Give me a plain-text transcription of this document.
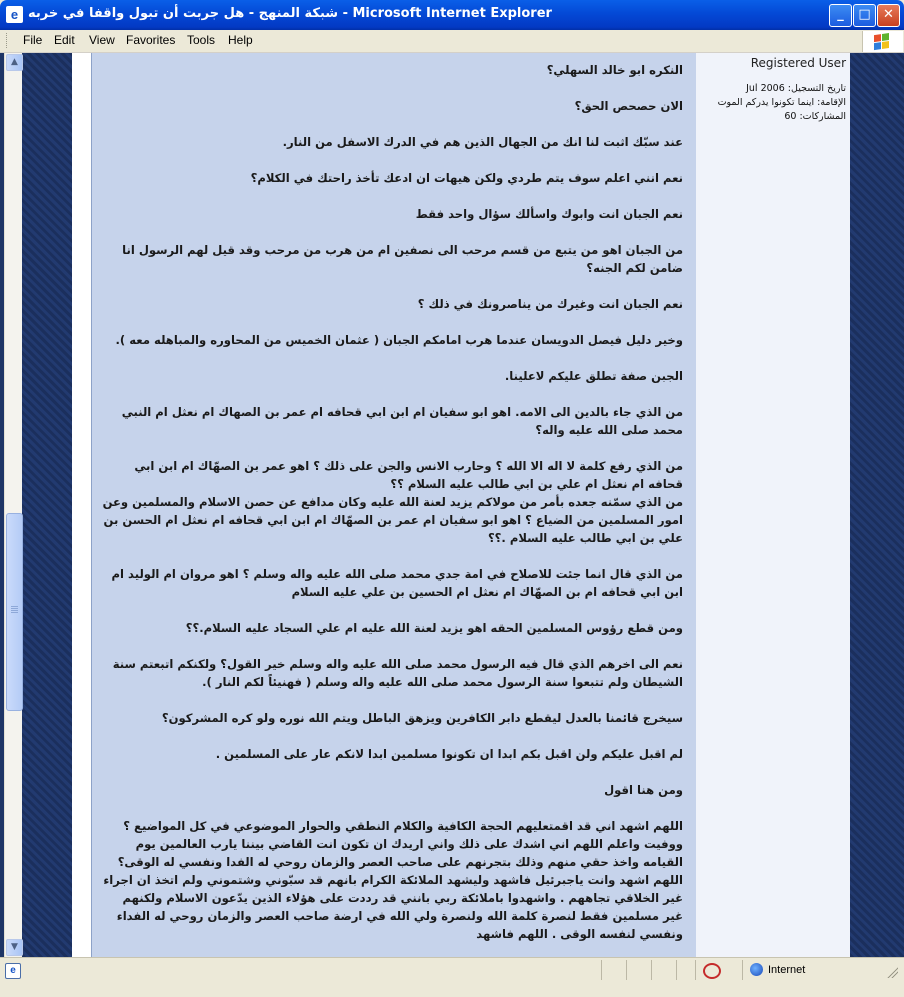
e شبكة المنهج - هل جربت أن تبول واقفا في خربه - Microsoft Internet Explorer	_	□ ✕
File Edit View Favorites Tools Help

النكره ابو خالد السهلي؟

الان حصحص الحق؟

عند سبّك اثبت لنا انك من الجهال الذين هم في الدرك الاسفل من النار.

نعم انني اعلم سوف يتم طردي ولكن هيهات ان ادعك تأخذ راحتك في الكلام؟

نعم الجبان انت وابوك واسألك سؤال واحد فقط

من الجبان اهو من يتبع من قسم مرحب الى نصفين ام من هرب من مرحب وقد قيل لهم الرسول انا ضامن لكم الجنه؟

نعم الجبان انت وغيرك من يناصرونك في ذلك ؟

وخير دليل فيصل الدويسان عندما هرب امامكم الجبان ( عثمان الخميس من المحاوره والمباهله معه ).

الجبن صفة تطلق عليكم لاعلينا.

من الذي جاء بالدين الى الامه. اهو ابو سفيان ام ابن ابي قحافه ام عمر بن الصهاك ام نعثل ام النبي محمد صلى الله عليه واله؟

من الذي رفع كلمة لا اله الا الله ؟ وحارب الانس والجن على ذلك ؟ اهو عمر بن الصهّاك ام ابن ابي قحافه ام نعثل ام علي بن ابي طالب عليه السلام ؟؟

من الذي سمّنه جعده بأمر من مولاكم يزيد لعنة الله عليه وكان مدافع عن حصن الاسلام والمسلمين وعن امور المسلمين من الضياع ؟ اهو ابو سفيان ام عمر بن الصهّاك ام ابن ابي قحافه ام نعثل ام الحسن بن علي بن ابي طالب عليه السلام .؟؟

من الذي قال انما جئت للاصلاح في امة جدي محمد صلى الله عليه واله وسلم ؟ اهو مروان ام الوليد ام ابن ابي قحافه ام بن الصهّاك ام نعثل ام الحسين بن علي عليه السلام

ومن قطع رؤوس المسلمين الحقه اهو يزيد لعنة الله عليه ام علي السجاد عليه السلام.؟؟

نعم الى اخرهم الذي قال فيه الرسول محمد صلى الله عليه واله وسلم خير القول؟ ولكنكم اتبعتم سنة الشيطان ولم تتبعوا سنة الرسول محمد صلى الله عليه واله وسلم ( فهنيئاً لكم النار ).

سيخرج قائمنا بالعدل ليقطع دابر الكافرين ويزهق الباطل ويتم الله نوره ولو كره المشركون؟

لم اقبل عليكم ولن اقبل بكم ابدا ان تكونوا مسلمين ابدا لانكم عار على المسلمين .

ومن هنا اقول

اللهم اشهد اني قد اقمتعليهم الحجة الكافية والكلام النطقي والحوار الموضوعي في كل المواضيع ؟ ووفيت واعلم اللهم اني اشدك على ذلك واني اريدك ان تكون انت القاضي بيننا يارب العالمين يوم القيامه واخذ حقي منهم وذلك بتجرنهم على صاحب العصر والزمان روحي له الفدا ونفسي له الوقى؟ اللهم اشهد وانت ياجبرئيل فاشهد وليشهد الملائكة الكرام بانهم قد سبّوني وشتموني ولم اتخذ ان اجراء غير الخلاقي تجاههم . واشهدوا باملائكة ربي بانني قد رددت على هؤلاء الذين يدّعون الاسلام ولكنهم غير مسلمين فقط لنصرة كلمة الله ولنصرة ولي الله في ارضة صاحب العصر والزمان روحي له الفداء ونفسي لنفسه الوقى . اللهم فاشهد

Registered User
تاريخ التسجيل: Jul 2006
الإقامة: اينما تكونوا يدركم الموت
المشاركات: 60
▲
▼
e	Internet
